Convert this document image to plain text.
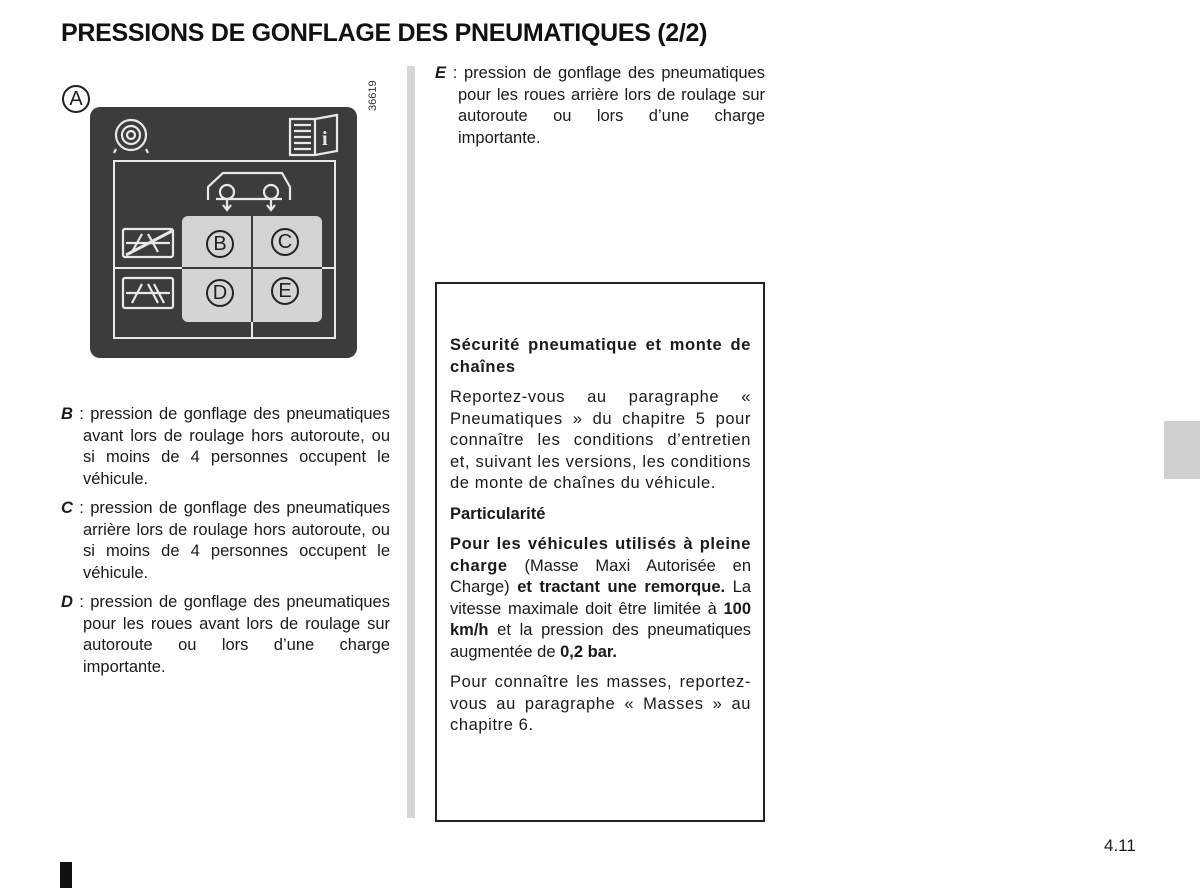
PRESSIONS DE GONFLAGE DES PNEUMATIQUES (2/2)
A	36619
i
B	C
D	E
B : pression de gonflage des pneumatiques avant lors de roulage hors autoroute, ou si moins de 4 personnes occupent le véhicule.
C : pression de gonflage des pneumatiques arrière lors de roulage hors autoroute, ou si moins de 4 personnes occupent le véhicule.
D : pression de gonflage des pneumatiques pour les roues avant lors de roulage sur autoroute ou lors d’une charge importante.
E : pression de gonflage des pneumatiques pour les roues arrière lors de roulage sur autoroute ou lors d’une charge importante.

Sécurité pneumatique et monte de chaînes

Reportez-vous au paragraphe « Pneumatiques » du chapitre 5 pour connaître les conditions d’entretien et, suivant les versions, les conditions de monte de chaînes du véhicule.

Particularité

Pour les véhicules utilisés à pleine charge (Masse Maxi Autorisée en Charge) et tractant une remorque. La vitesse maximale doit être limitée à 100 km/h et la pression des pneumatiques augmentée de 0,2 bar.

Pour connaître les masses, reportez-vous au paragraphe « Masses » au chapitre 6.

4.11
